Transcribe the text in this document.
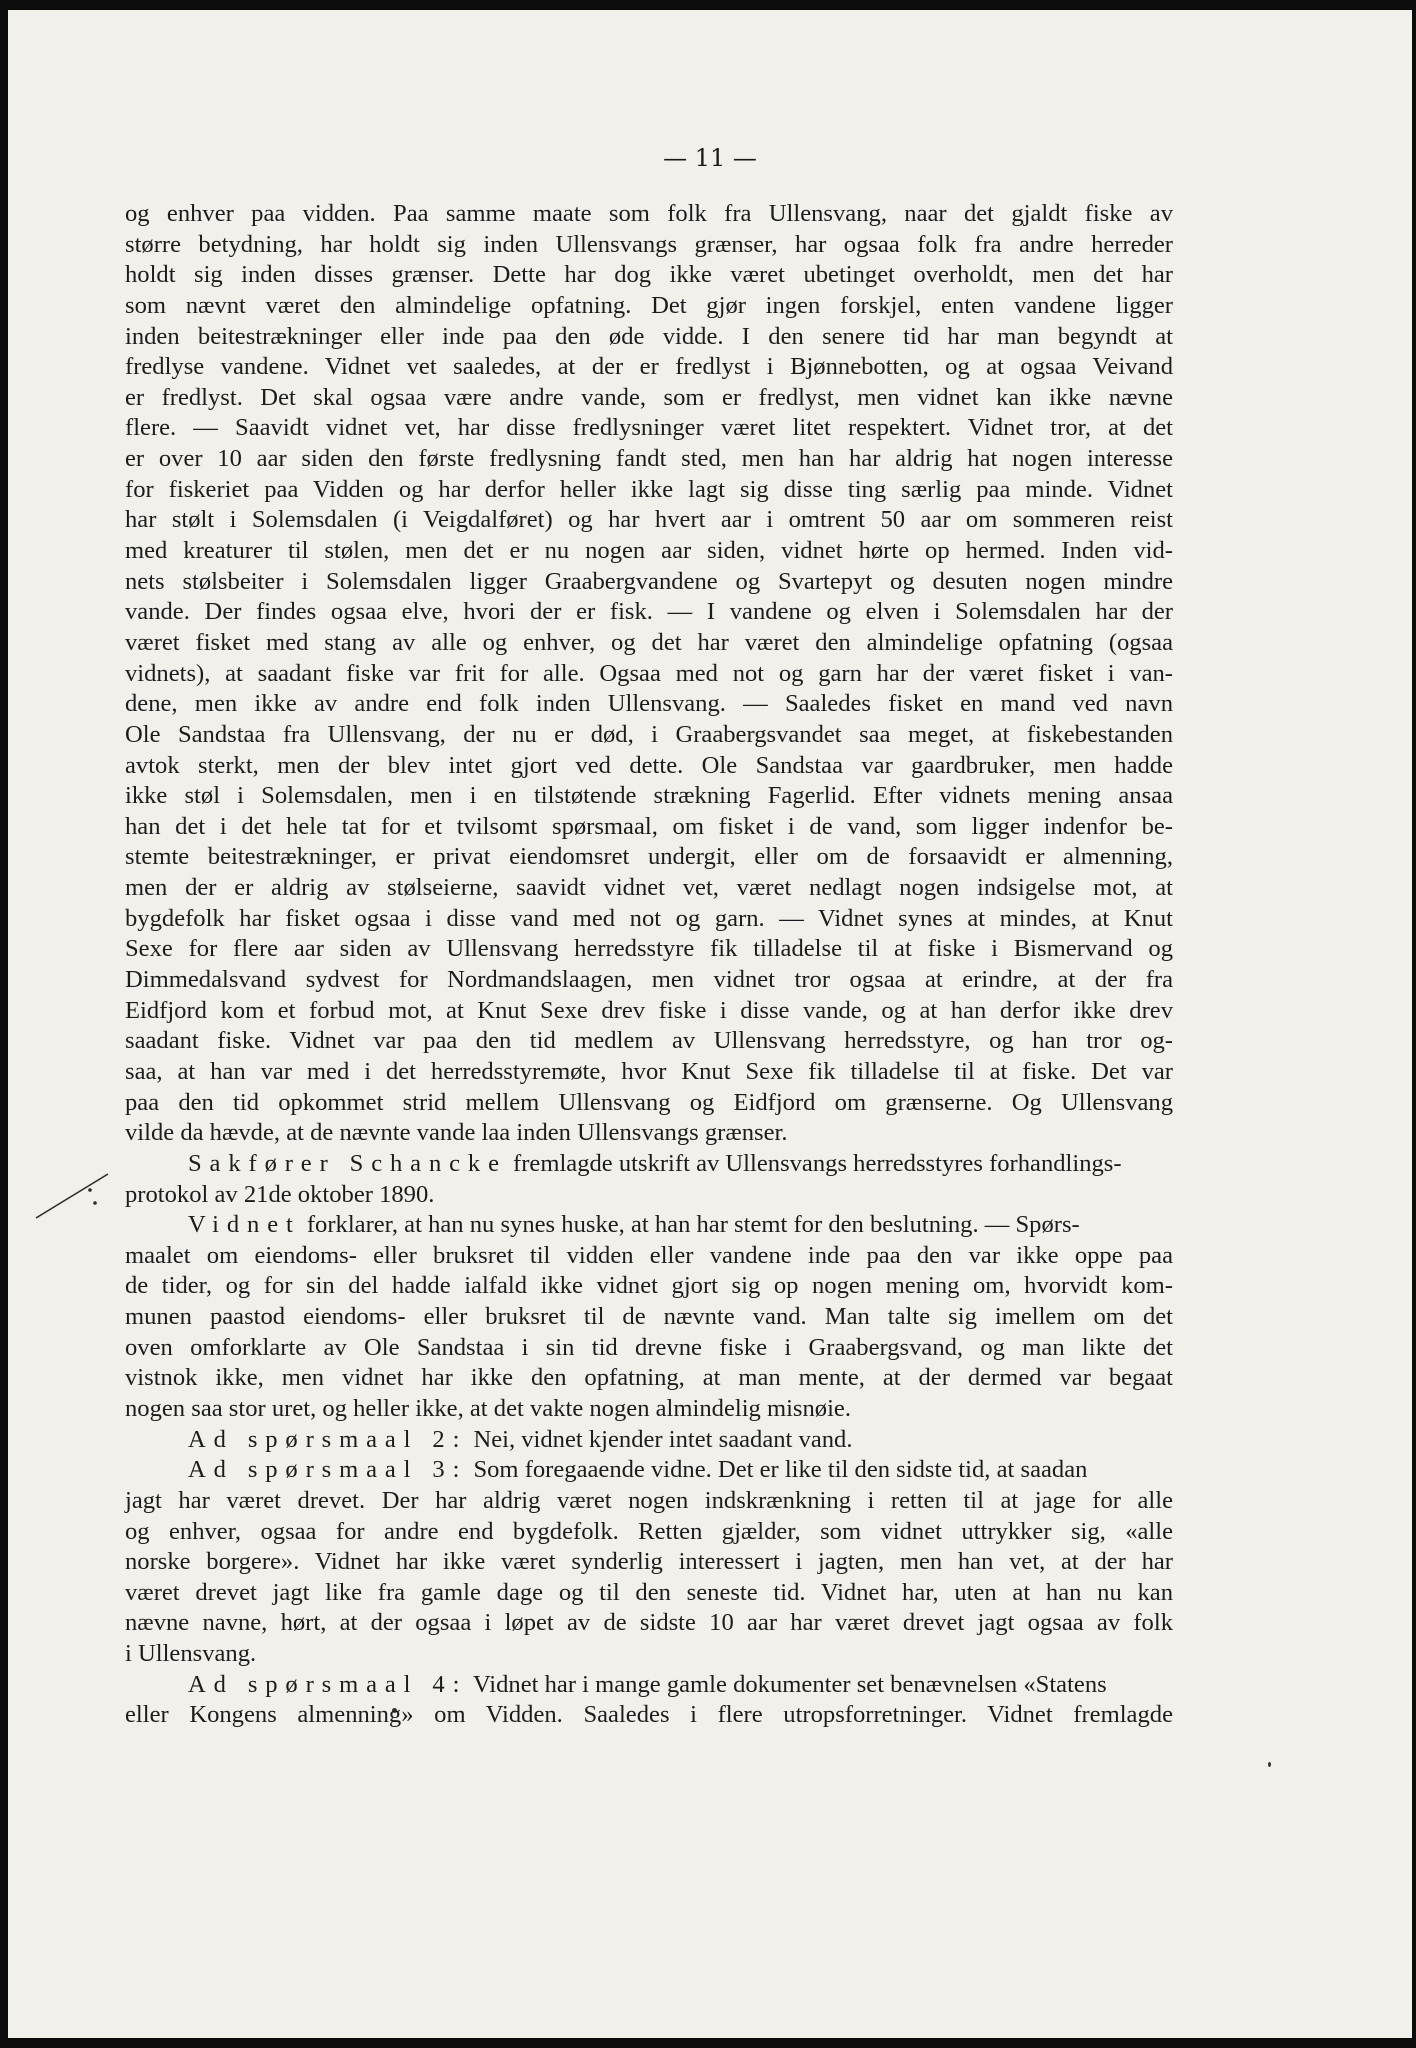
— 11 —

og enhver paa vidden. Paa samme maate som folk fra Ullensvang, naar det gjaldt fiske av
større betydning, har holdt sig inden Ullensvangs grænser, har ogsaa folk fra andre herreder
holdt sig inden disses grænser. Dette har dog ikke været ubetinget overholdt, men det har
som nævnt været den almindelige opfatning. Det gjør ingen forskjel, enten vandene ligger
inden beitestrækninger eller inde paa den øde vidde. I den senere tid har man begyndt at
fredlyse vandene. Vidnet vet saaledes, at der er fredlyst i Bjønnebotten, og at ogsaa Veivand
er fredlyst. Det skal ogsaa være andre vande, som er fredlyst, men vidnet kan ikke nævne
flere. — Saavidt vidnet vet, har disse fredlysninger været litet respektert. Vidnet tror, at det
er over 10 aar siden den første fredlysning fandt sted, men han har aldrig hat nogen interesse
for fiskeriet paa Vidden og har derfor heller ikke lagt sig disse ting særlig paa minde. Vidnet
har stølt i Solemsdalen (i Veigdalføret) og har hvert aar i omtrent 50 aar om sommeren reist
med kreaturer til stølen, men det er nu nogen aar siden, vidnet hørte op hermed. Inden vid-
nets stølsbeiter i Solemsdalen ligger Graabergvandene og Svartepyt og desuten nogen mindre
vande. Der findes ogsaa elve, hvori der er fisk. — I vandene og elven i Solemsdalen har der
været fisket med stang av alle og enhver, og det har været den almindelige opfatning (ogsaa
vidnets), at saadant fiske var frit for alle. Ogsaa med not og garn har der været fisket i van-
dene, men ikke av andre end folk inden Ullensvang. — Saaledes fisket en mand ved navn
Ole Sandstaa fra Ullensvang, der nu er død, i Graabergsvandet saa meget, at fiskebestanden
avtok sterkt, men der blev intet gjort ved dette. Ole Sandstaa var gaardbruker, men hadde
ikke støl i Solemsdalen, men i en tilstøtende strækning Fagerlid. Efter vidnets mening ansaa
han det i det hele tat for et tvilsomt spørsmaal, om fisket i de vand, som ligger indenfor be-
stemte beitestrækninger, er privat eiendomsret undergit, eller om de forsaavidt er almenning,
men der er aldrig av stølseierne, saavidt vidnet vet, været nedlagt nogen indsigelse mot, at
bygdefolk har fisket ogsaa i disse vand med not og garn. — Vidnet synes at mindes, at Knut
Sexe for flere aar siden av Ullensvang herredsstyre fik tilladelse til at fiske i Bismervand og
Dimmedalsvand sydvest for Nordmandslaagen, men vidnet tror ogsaa at erindre, at der fra
Eidfjord kom et forbud mot, at Knut Sexe drev fiske i disse vande, og at han derfor ikke drev
saadant fiske. Vidnet var paa den tid medlem av Ullensvang herredsstyre, og han tror og-
saa, at han var med i det herredsstyremøte, hvor Knut Sexe fik tilladelse til at fiske. Det var
paa den tid opkommet strid mellem Ullensvang og Eidfjord om grænserne. Og Ullensvang
vilde da hævde, at de nævnte vande laa inden Ullensvangs grænser.
Sakfører Schancke fremlagde utskrift av Ullensvangs herredsstyres forhandlings-
protokol av 21de oktober 1890.
Vidnet forklarer, at han nu synes huske, at han har stemt for den beslutning. — Spørs-
maalet om eiendoms- eller bruksret til vidden eller vandene inde paa den var ikke oppe paa
de tider, og for sin del hadde ialfald ikke vidnet gjort sig op nogen mening om, hvorvidt kom-
munen paastod eiendoms- eller bruksret til de nævnte vand. Man talte sig imellem om det
oven omforklarte av Ole Sandstaa i sin tid drevne fiske i Graabergsvand, og man likte det
vistnok ikke, men vidnet har ikke den opfatning, at man mente, at der dermed var begaat
nogen saa stor uret, og heller ikke, at det vakte nogen almindelig misnøie.
Ad spørsmaal 2: Nei, vidnet kjender intet saadant vand.
Ad spørsmaal 3: Som foregaaende vidne. Det er like til den sidste tid, at saadan
jagt har været drevet. Der har aldrig været nogen indskrænkning i retten til at jage for alle
og enhver, ogsaa for andre end bygdefolk. Retten gjælder, som vidnet uttrykker sig, «alle
norske borgere». Vidnet har ikke været synderlig interessert i jagten, men han vet, at der har
været drevet jagt like fra gamle dage og til den seneste tid. Vidnet har, uten at han nu kan
nævne navne, hørt, at der ogsaa i løpet av de sidste 10 aar har været drevet jagt ogsaa av folk
i Ullensvang.
Ad spørsmaal 4: Vidnet har i mange gamle dokumenter set benævnelsen «Statens
eller Kongens almenning» om Vidden. Saaledes i flere utropsforretninger. Vidnet fremlagde
